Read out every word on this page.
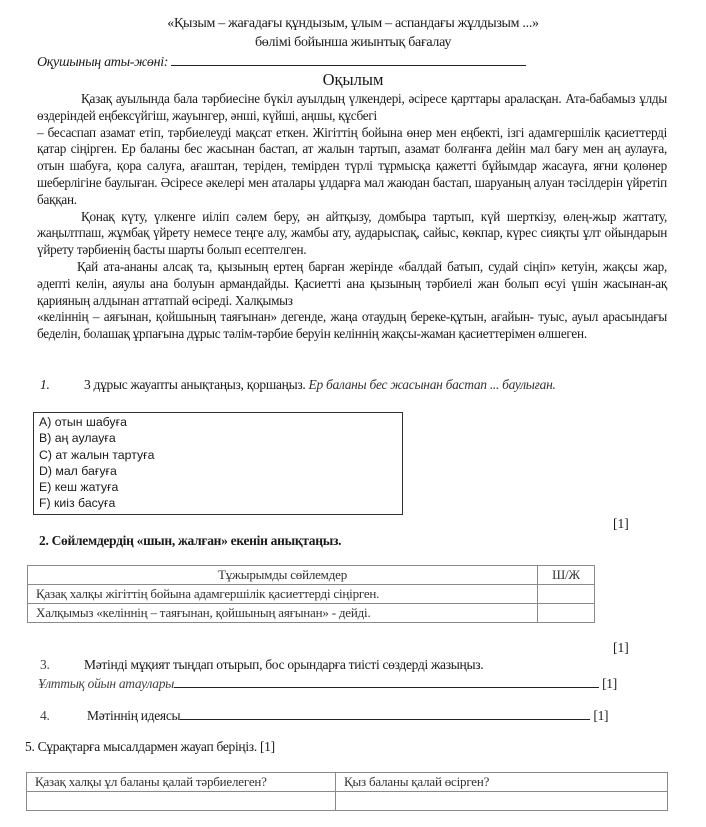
«Қызым – жағадағы құндызым, ұлым – аспандағы жұлдызым ...»
бөлімі бойынша жиынтық бағалау
Оқушының аты-жөні:
Оқылым

Қазақ ауылында бала тәрбиесіне бүкіл ауылдың үлкендері, әсіресе қарттары араласқан. Ата-бабамыз ұлды өздеріндей еңбексүйгіш, жауынгер, әнші, күйші, аңшы, құсбегі

– бесаспап азамат етіп, тәрбиелеуді мақсат еткен. Жігіттің бойына өнер мен еңбекті, ізгі адамгершілік қасиеттерді қатар сіңірген. Ер баланы бес жасынан бастап, ат жалын тартып, азамат болғанға дейін мал бағу мен аң аулауға, отын шабуға, қора салуға, ағаштан, теріден, темірден түрлі тұрмысқа қажетті бұйымдар жасауға, яғни қолөнер шеберлігіне баулыған. Әсіресе әкелері мен аталары ұлдарға мал жаюдан бастап, шаруаның алуан тәсілдерін үйретіп баққан.

Қонақ күту, үлкенге иіліп сәлем беру, ән айтқызу, домбыра тартып, күй шерткізу, өлең-жыр жаттату, жаңылтпаш, жұмбақ үйрету немесе теңге алу, жамбы ату, аударыспақ, сайыс, көкпар, күрес сияқты ұлт ойындарын үйрету тәрбиенің басты шарты болып есептелген.

Қай ата-ананы алсақ та, қызының ертең барған жерінде «балдай батып, судай сіңіп» кетуін, жақсы жар, әдепті келін, аяулы ана болуын армандайды. Қасиетті ана қызының тәрбиелі жан болып өсуі үшін жасынан-ақ қарияның алдынан аттатпай өсіреді. Халқымыз

«келіннің – аяғынан, қойшының таяғынан» дегенде, жаңа отаудың береке-құтын, ағайын- туыс, ауыл арасындағы беделін, болашақ ұрпағына дұрыс тәлім-тәрбие беруін келіннің жақсы-жаман қасиеттерімен өлшеген.

1.	3 дұрыс жауапты анықтаңыз, қоршаңыз. Ер баланы бес жасынан бастап ... баулыған.
A) отын шабуға
B) аң аулауға
C) ат жалын тартуға
D) мал бағуға
E) кеш жатуға
F) киіз басуға
[1]
2. Сөйлемдердің «шын, жалған» екенін анықтаңыз.
Тұжырымды сөйлемдер	Ш/Ж
Қазақ халқы жігіттің бойына адамгершілік қасиеттерді сіңірген.	
Халқымыз «келіннің – таяғынан, қойшының аяғынан» - дейді.	
[1]
3.	Мәтінді мұқият тыңдап отырып, бос орындарға тиісті сөздерді жазыңыз.
Ұлттық ойын атаулары	[1]
4.	Мәтіннің идеясы	[1]
5. Сұрақтарға мысалдармен жауап беріңіз. [1]
Қазақ халқы ұл баланы қалай тәрбиелеген?	Қыз баланы қалай өсірген?
